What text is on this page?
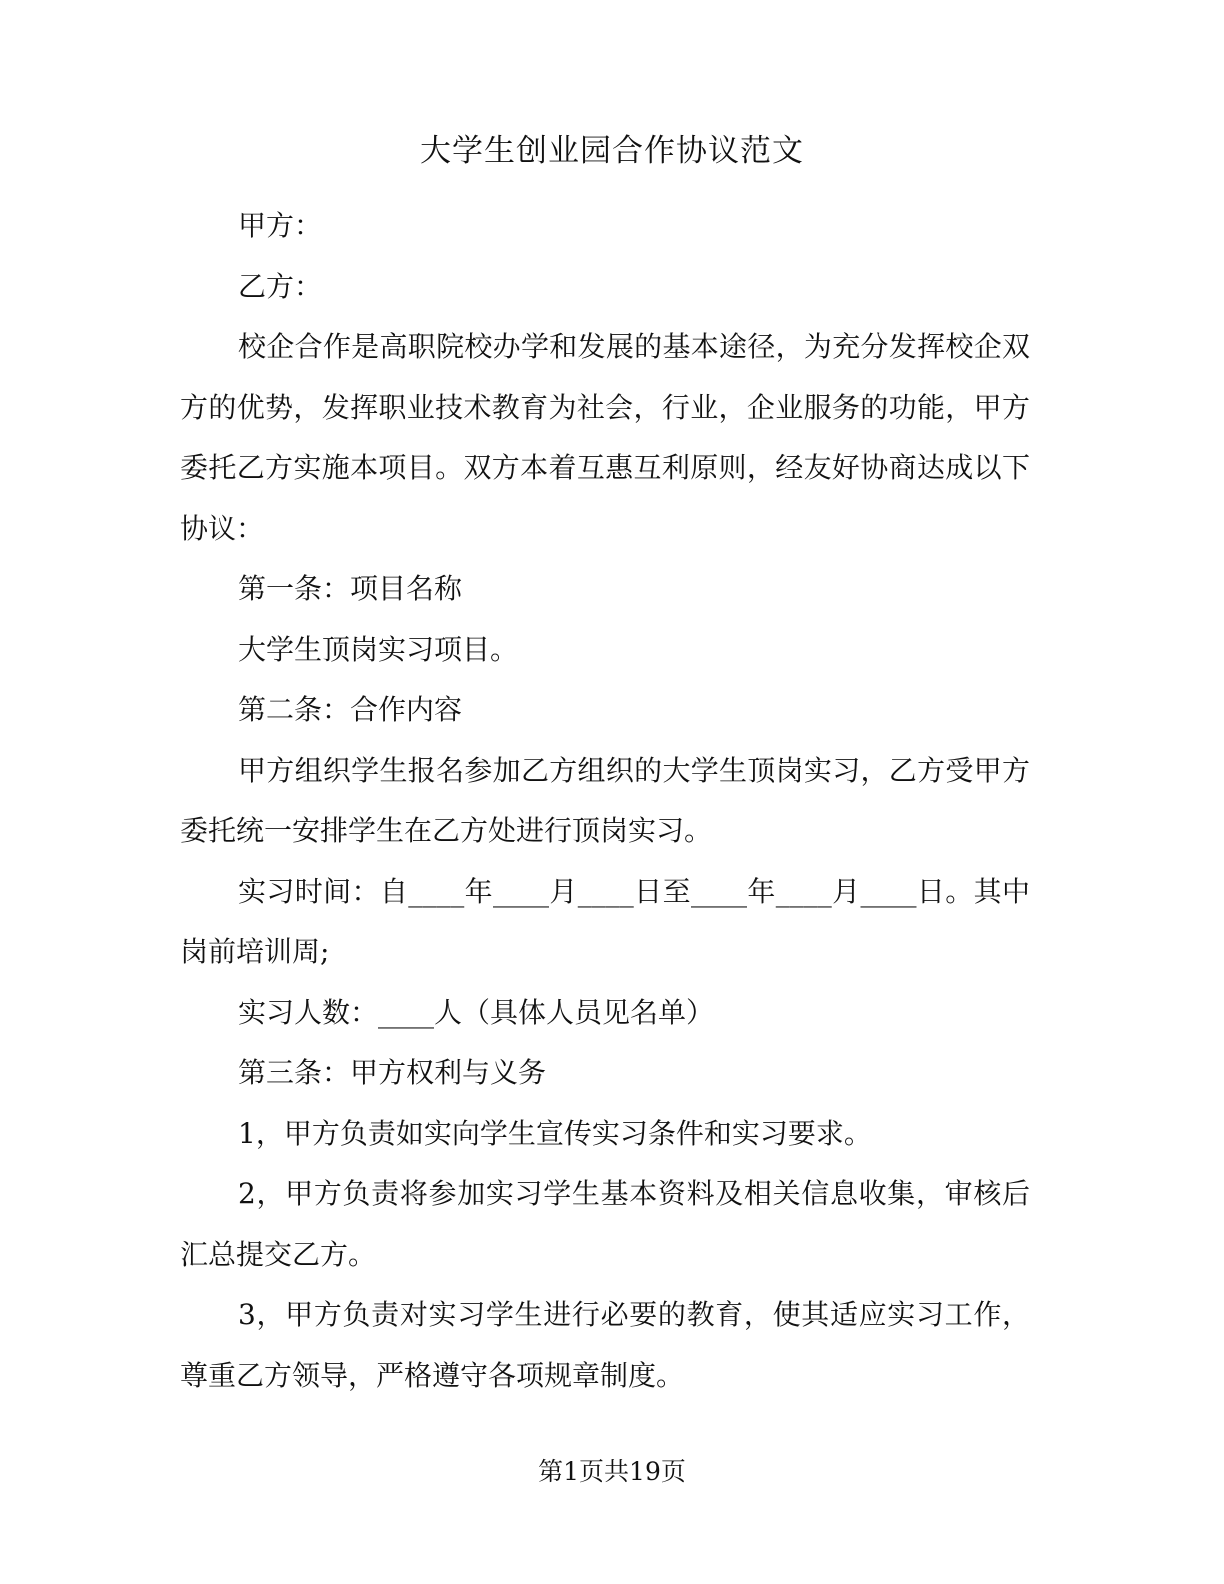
大学生创业园合作协议范文

甲方：

乙方：

校企合作是高职院校办学和发展的基本途径，为充分发挥校企双方的优势，发挥职业技术教育为社会，行业，企业服务的功能，甲方委托乙方实施本项目。双方本着互惠互利原则，经友好协商达成以下协议：

第一条：项目名称

大学生顶岗实习项目。

第二条：合作内容

甲方组织学生报名参加乙方组织的大学生顶岗实习，乙方受甲方委托统一安排学生在乙方处进行顶岗实习。

实习时间：自____年____月____日至____年____月____日。其中岗前培训周;

实习人数：____人（具体人员见名单）

第三条：甲方权利与义务

1，甲方负责如实向学生宣传实习条件和实习要求。

2，甲方负责将参加实习学生基本资料及相关信息收集，审核后汇总提交乙方。

3，甲方负责对实习学生进行必要的教育，使其适应实习工作，尊重乙方领导，严格遵守各项规章制度。

第1页共19页
